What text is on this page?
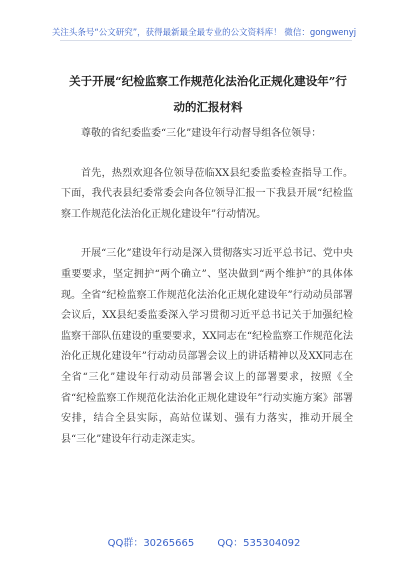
关注头条号“公文研究”，获得最新最全最专业的公文资料库！ 微信：gongwenyj
关于开展“纪检监察工作规范化法治化正规化建设年”行
动的汇报材料

尊敬的省纪委监委“三化”建设年行动督导组各位领导：

首先，热烈欢迎各位领导莅临XX县纪委监委检查指导工作。下面，我代表县纪委常委会向各位领导汇报一下我县开展“纪检监察工作规范化法治化正规化建设年”行动情况。

开展“三化”建设年行动是深入贯彻落实习近平总书记、党中央重要要求，坚定拥护“两个确立”、坚决做到“两个维护”的具体体现。全省“纪检监察工作规范化法治化正规化建设年”行动动员部署会议后，XX县纪委监委深入学习贯彻习近平总书记关于加强纪检监察干部队伍建设的重要要求，XX同志在“纪检监察工作规范化法治化正规化建设年”行动动员部署会议上的讲话精神以及XX同志在全省“三化”建设年行动动员部署会议上的部署要求，按照《全省“纪检监察工作规范化法治化正规化建设年”行动实施方案》部署安排，结合全县实际，高站位谋划、强有力落实，推动开展全县“三化”建设年行动走深走实。

QQ群：30265665 QQ：535304092
